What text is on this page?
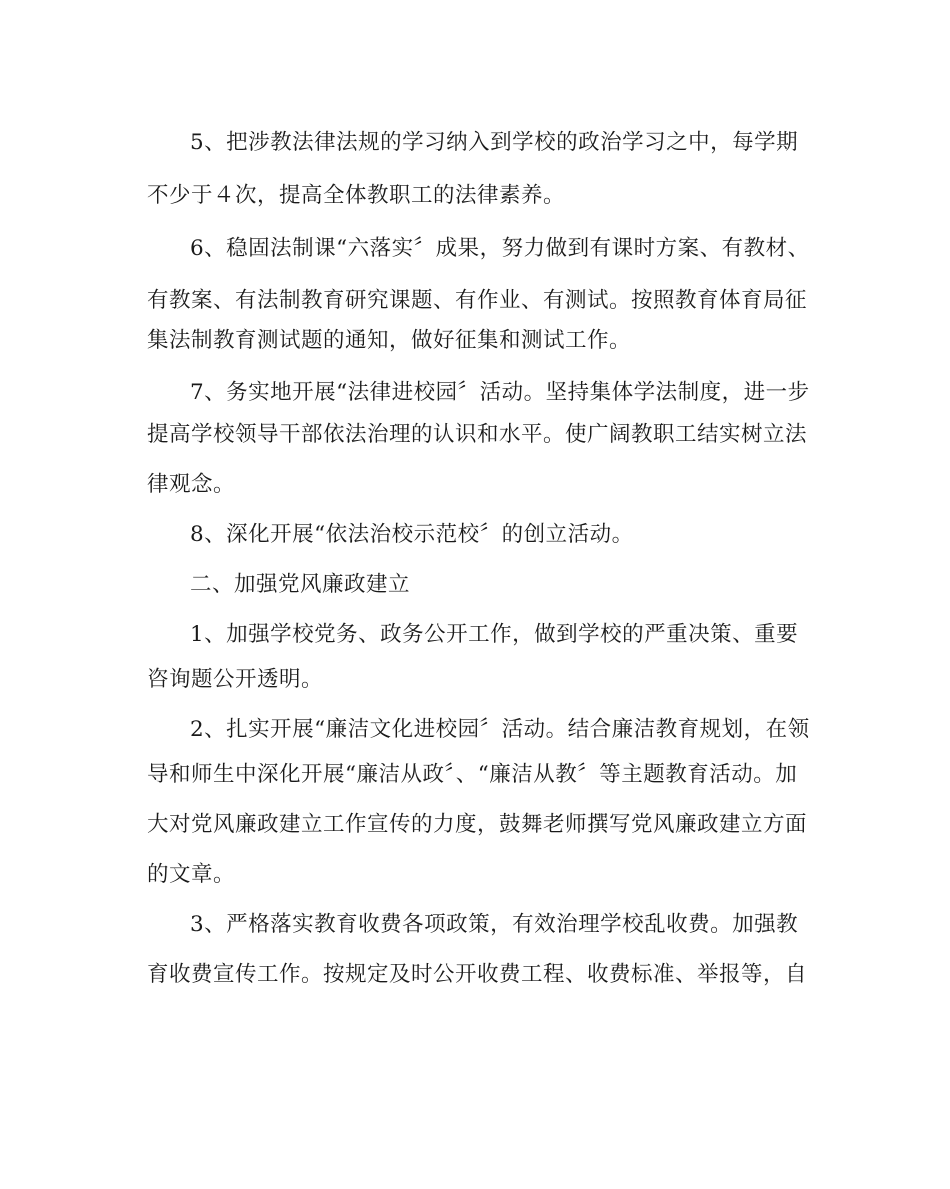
5、把涉教法律法规的学习纳入到学校的政治学习之中，每学期
不少于４次，提高全体教职工的法律素养。
6、稳固法制课“六落实〞成果，努力做到有课时方案、有教材、
有教案、有法制教育研究课题、有作业、有测试。按照教育体育局征
集法制教育测试题的通知，做好征集和测试工作。
7、务实地开展“法律进校园〞活动。坚持集体学法制度，进一步
提高学校领导干部依法治理的认识和水平。使广阔教职工结实树立法
律观念。
8、深化开展“依法治校示范校〞的创立活动。
二、加强党风廉政建立
1、加强学校党务、政务公开工作，做到学校的严重决策、重要
咨询题公开透明。
2、扎实开展“廉洁文化进校园〞活动。结合廉洁教育规划，在领
导和师生中深化开展“廉洁从政〞、“廉洁从教〞等主题教育活动。加
大对党风廉政建立工作宣传的力度，鼓舞老师撰写党风廉政建立方面
的文章。
3、严格落实教育收费各项政策，有效治理学校乱收费。加强教
育收费宣传工作。按规定及时公开收费工程、收费标准、举报等，自
